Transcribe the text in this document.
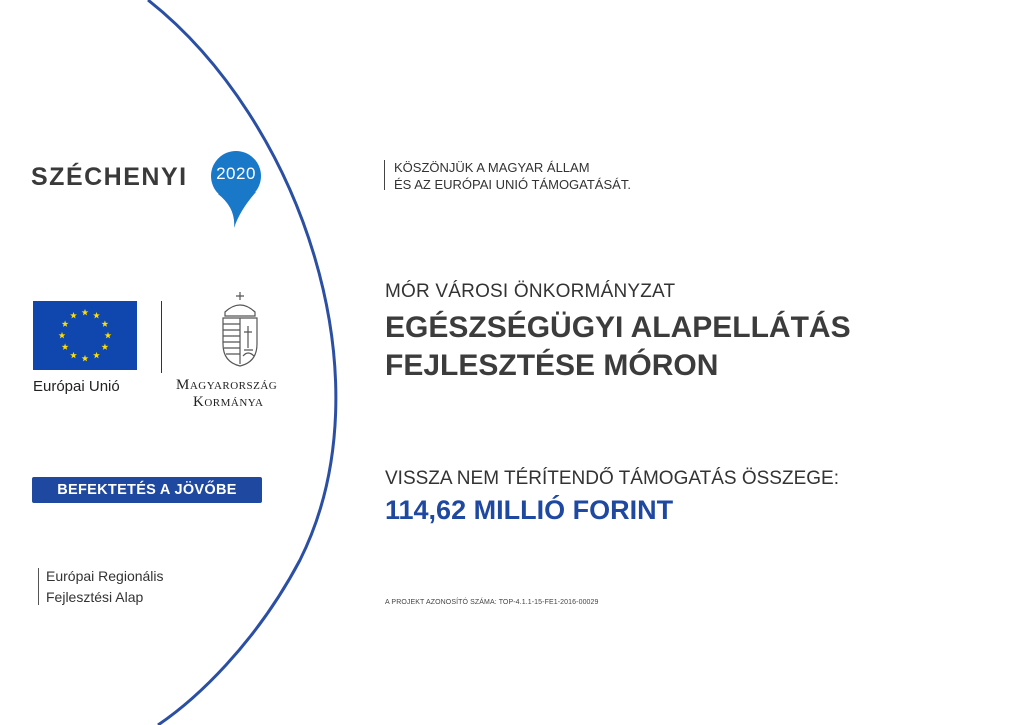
SZÉCHENYI	2020
Európai Unió	Magyarország
Kormánya
BEFEKTETÉS A JÖVŐBE
Európai Regionális
Fejlesztési Alap
KÖSZÖNJÜK A MAGYAR ÁLLAM
ÉS AZ EURÓPAI UNIÓ TÁMOGATÁSÁT.
MÓR VÁROSI ÖNKORMÁNYZAT
EGÉSZSÉGÜGYI ALAPELLÁTÁS
FEJLESZTÉSE MÓRON
VISSZA NEM TÉRÍTENDŐ TÁMOGATÁS ÖSSZEGE:
114,62 MILLIÓ FORINT
A PROJEKT AZONOSÍTÓ SZÁMA: TOP-4.1.1-15-FE1-2016-00029
